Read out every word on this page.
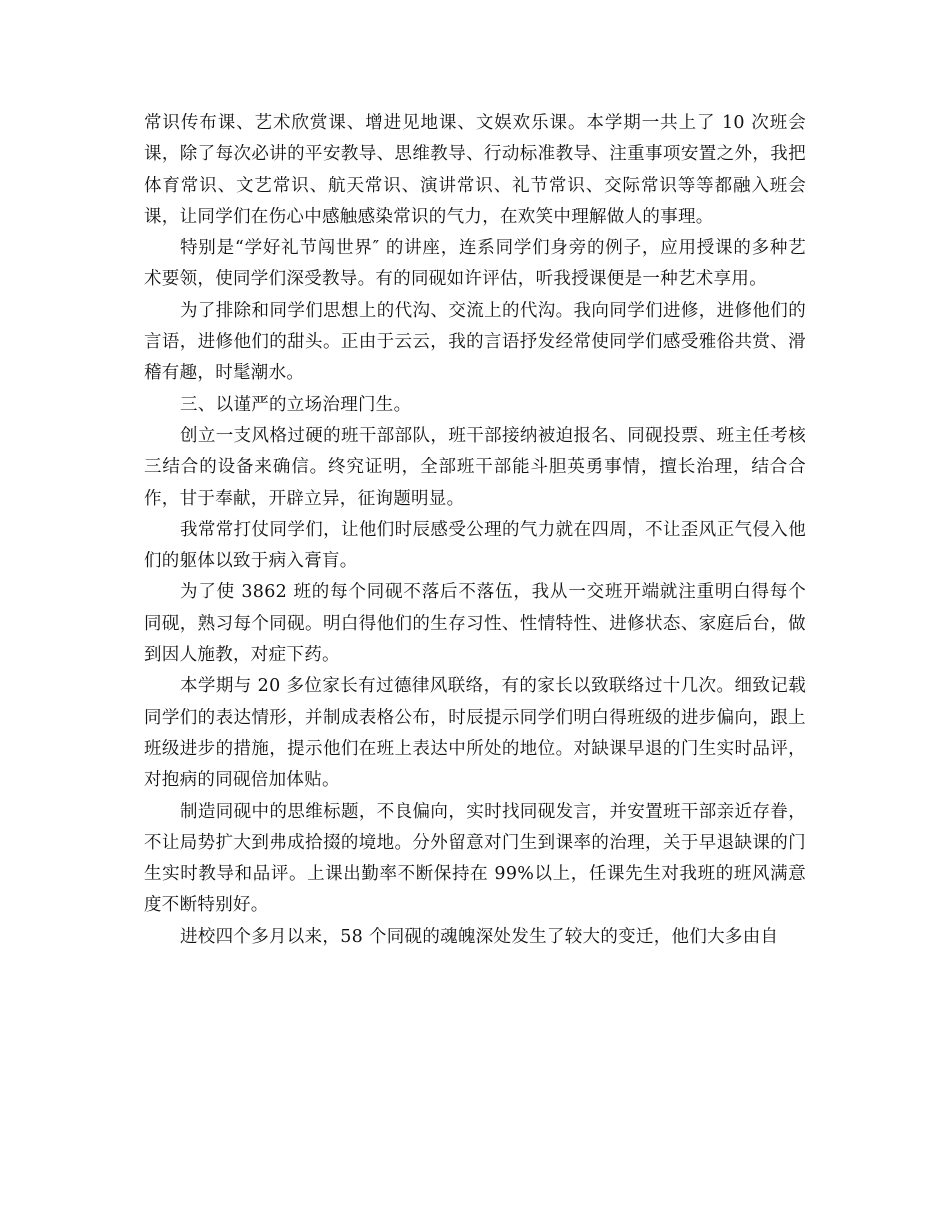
常识传布课、艺术欣赏课、增进见地课、文娱欢乐课。本学期一共上了 10 次班会课，除了每次必讲的平安教导、思维教导、行动标准教导、注重事项安置之外，我把体育常识、文艺常识、航天常识、演讲常识、礼节常识、交际常识等等都融入班会课，让同学们在伤心中感触感染常识的气力，在欢笑中理解做人的事理。

特别是“学好礼节闯世界″ 的讲座，连系同学们身旁的例子，应用授课的多种艺术要领，使同学们深受教导。有的同砚如许评估，听我授课便是一种艺术享用。

为了排除和同学们思想上的代沟、交流上的代沟。我向同学们进修，进修他们的言语，进修他们的甜头。正由于云云，我的言语抒发经常使同学们感受雅俗共赏、滑稽有趣，时髦潮水。

三、以谨严的立场治理门生。

创立一支风格过硬的班干部部队，班干部接纳被迫报名、同砚投票、班主任考核三结合的设备来确信。终究证明，全部班干部能斗胆英勇事情，擅长治理，结合合作，甘于奉献，开辟立异，征询题明显。

我常常打仗同学们，让他们时辰感受公理的气力就在四周，不让歪风正气侵入他们的躯体以致于病入膏肓。

为了使 3862 班的每个同砚不落后不落伍，我从一交班开端就注重明白得每个同砚，熟习每个同砚。明白得他们的生存习性、性情特性、进修状态、家庭后台，做到因人施教，对症下药。

本学期与 20 多位家长有过德律风联络，有的家长以致联络过十几次。细致记载同学们的表达情形，并制成表格公布，时辰提示同学们明白得班级的进步偏向，跟上班级进步的措施，提示他们在班上表达中所处的地位。对缺课早退的门生实时品评，对抱病的同砚倍加体贴。

制造同砚中的思维标题，不良偏向，实时找同砚发言，并安置班干部亲近存眷，不让局势扩大到弗成拾掇的境地。分外留意对门生到课率的治理，关于早退缺课的门生实时教导和品评。上课出勤率不断保持在 99%以上，任课先生对我班的班风满意度不断特别好。

进校四个多月以来，58 个同砚的魂魄深处发生了较大的变迁，他们大多由自
